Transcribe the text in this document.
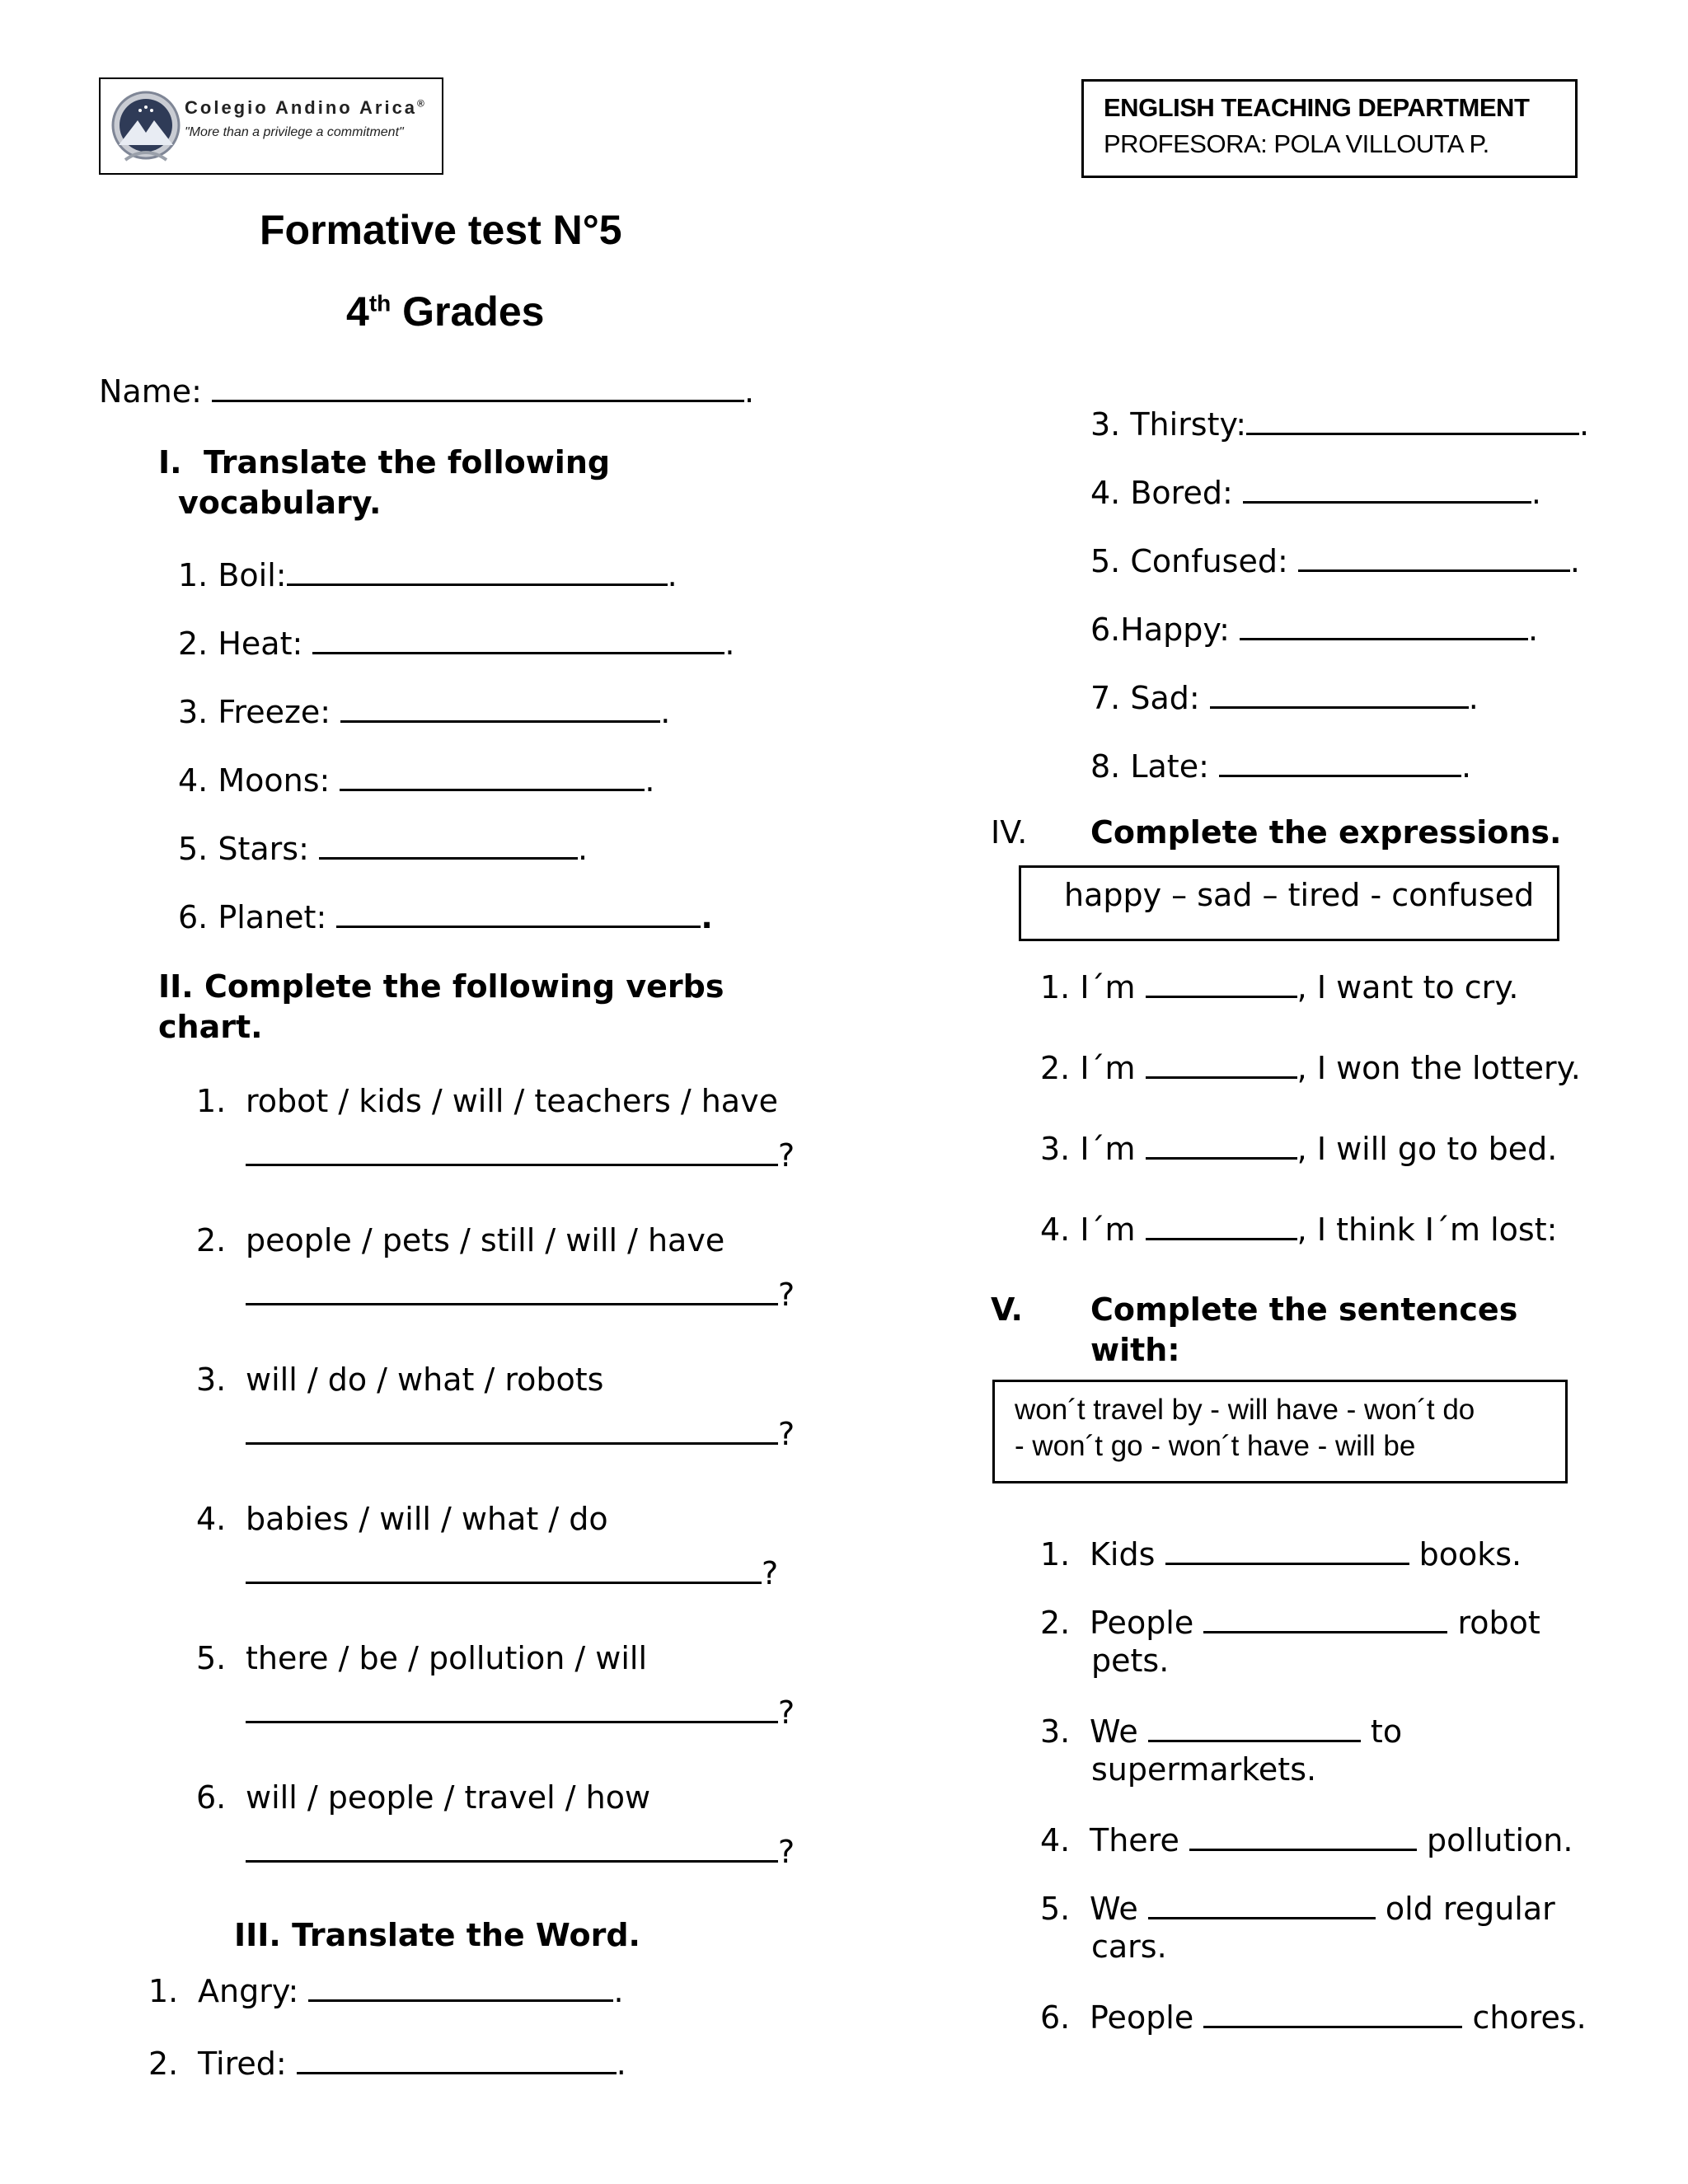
Colegio Andino Arica®
"More than a privilege a commitment"
ENGLISH TEACHING DEPARTMENT
PROFESORA: POLA VILLOUTA P.
Formative test N°5
4th Grades
Name:	.
I. Translate the following
vocabulary.
1. Boil:	.
2. Heat:	.
3. Freeze:	.
4. Moons:	.
5. Stars:	.
6. Planet:	.
II. Complete the following verbs
chart.
1. robot / kids / will / teachers / have
?
2. people / pets / still / will / have
?
3. will / do / what / robots
?
4. babies / will / what / do
?
5. there / be / pollution / will
?
6. will / people / travel / how
?
III. Translate the Word.
1. Angry:	.
2. Tired:	.
3. Thirsty:	.
4. Bored:	.
5. Confused:	.
6.Happy:	.
7. Sad:	.
8. Late:	.
IV. Complete the expressions.
happy – sad – tired - confused
1. I´m	, I want to cry.
2. I´m	, I won the lottery.
3. I´m	, I will go to bed.
4. I´m	, I think I´m lost:
V. Complete the sentences
with:
won´t travel by - will have - won´t do
- won´t go - won´t have - will be
1. Kids	books.
2. People	robot
pets.
3. We	to
supermarkets.
4. There	pollution.
5. We	old regular
cars.
6. People	chores.
